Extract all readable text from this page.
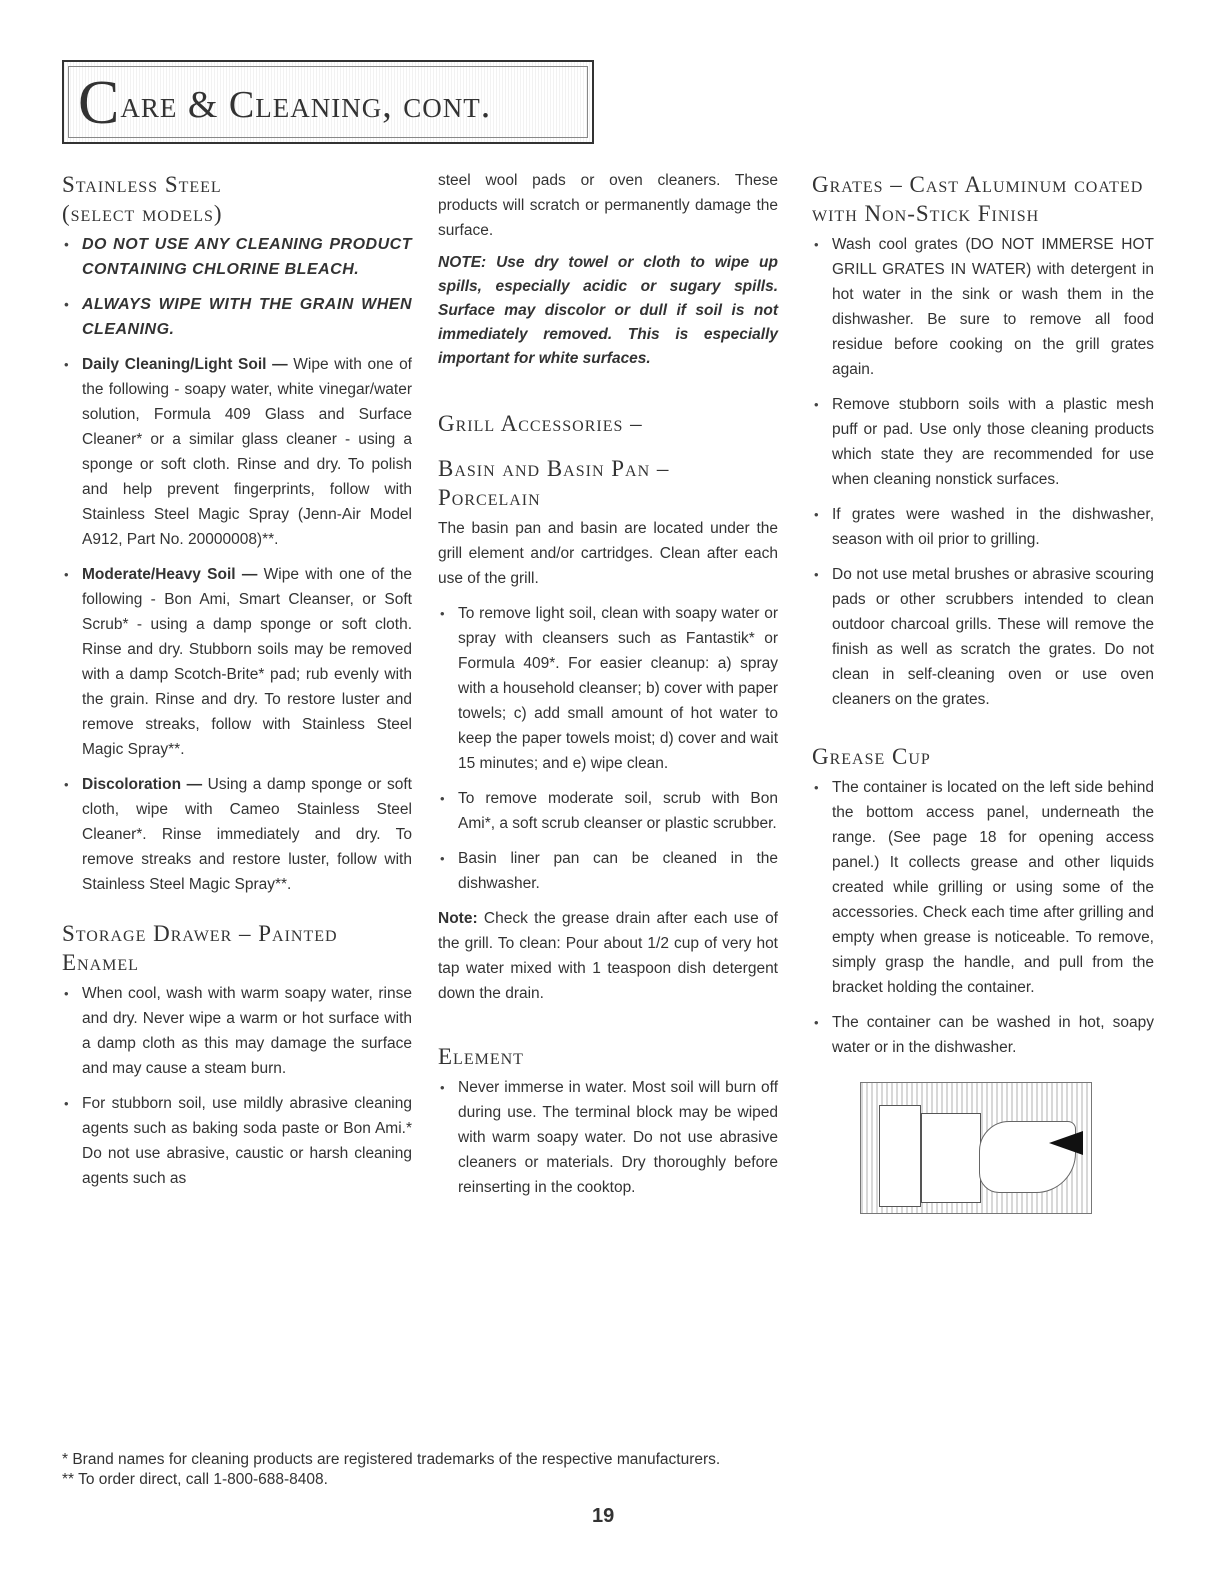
Care & Cleaning, cont.
Stainless Steel
(select models)
• DO NOT USE ANY CLEANING PRODUCT CONTAINING CHLORINE BLEACH.
• ALWAYS WIPE WITH THE GRAIN WHEN CLEANING.
• Daily Cleaning/Light Soil — Wipe with one of the following - soapy water, white vinegar/water solution, Formula 409 Glass and Surface Cleaner* or a similar glass cleaner - using a sponge or soft cloth. Rinse and dry. To polish and help prevent fingerprints, follow with Stainless Steel Magic Spray (Jenn-Air Model A912, Part No. 20000008)**.
• Moderate/Heavy Soil — Wipe with one of the following - Bon Ami, Smart Cleanser, or Soft Scrub* - using a damp sponge or soft cloth. Rinse and dry. Stubborn soils may be removed with a damp Scotch-Brite* pad; rub evenly with the grain. Rinse and dry. To restore luster and remove streaks, follow with Stainless Steel Magic Spray**.
• Discoloration — Using a damp sponge or soft cloth, wipe with Cameo Stainless Steel Cleaner*. Rinse immediately and dry. To remove streaks and restore luster, follow with Stainless Steel Magic Spray**.
Storage Drawer – Painted Enamel
• When cool, wash with warm soapy water, rinse and dry. Never wipe a warm or hot surface with a damp cloth as this may damage the surface and may cause a steam burn.
• For stubborn soil, use mildly abrasive cleaning agents such as baking soda paste or Bon Ami.* Do not use abrasive, caustic or harsh cleaning agents such as

steel wool pads or oven cleaners. These products will scratch or permanently damage the surface.

NOTE: Use dry towel or cloth to wipe up spills, especially acidic or sugary spills. Surface may discolor or dull if soil is not immediately removed. This is especially important for white surfaces.

Grill Accessories –
Basin and Basin Pan – Porcelain

The basin pan and basin are located under the grill element and/or cartridges. Clean after each use of the grill.

• To remove light soil, clean with soapy water or spray with cleansers such as Fantastik* or Formula 409*. For easier cleanup: a) spray with a household cleanser; b) cover with paper towels; c) add small amount of hot water to keep the paper towels moist; d) cover and wait 15 minutes; and e) wipe clean.
• To remove moderate soil, scrub with Bon Ami*, a soft scrub cleanser or plastic scrubber.
• Basin liner pan can be cleaned in the dishwasher.

Note: Check the grease drain after each use of the grill. To clean: Pour about 1/2 cup of very hot tap water mixed with 1 teaspoon dish detergent down the drain.

Element
• Never immerse in water. Most soil will burn off during use. The terminal block may be wiped with warm soapy water. Do not use abrasive cleaners or materials. Dry thoroughly before reinserting in the cooktop.
Grates – Cast Aluminum coated with Non-Stick Finish
• Wash cool grates (DO NOT IMMERSE HOT GRILL GRATES IN WATER) with detergent in hot water in the sink or wash them in the dishwasher. Be sure to remove all food residue before cooking on the grill grates again.
• Remove stubborn soils with a plastic mesh puff or pad. Use only those cleaning products which state they are recommended for use when cleaning nonstick surfaces.
• If grates were washed in the dishwasher, season with oil prior to grilling.
• Do not use metal brushes or abrasive scouring pads or other scrubbers intended to clean outdoor charcoal grills. These will remove the finish as well as scratch the grates. Do not clean in self-cleaning oven or use oven cleaners on the grates.
Grease Cup
• The container is located on the left side behind the bottom access panel, underneath the range. (See page 18 for opening access panel.) It collects grease and other liquids created while grilling or using some of the accessories. Check each time after grilling and empty when grease is noticeable. To remove, simply grasp the handle, and pull from the bracket holding the container.
• The container can be washed in hot, soapy water or in the dishwasher.

* Brand names for cleaning products are registered trademarks of the respective manufacturers.

** To order direct, call 1-800-688-8408.

19
